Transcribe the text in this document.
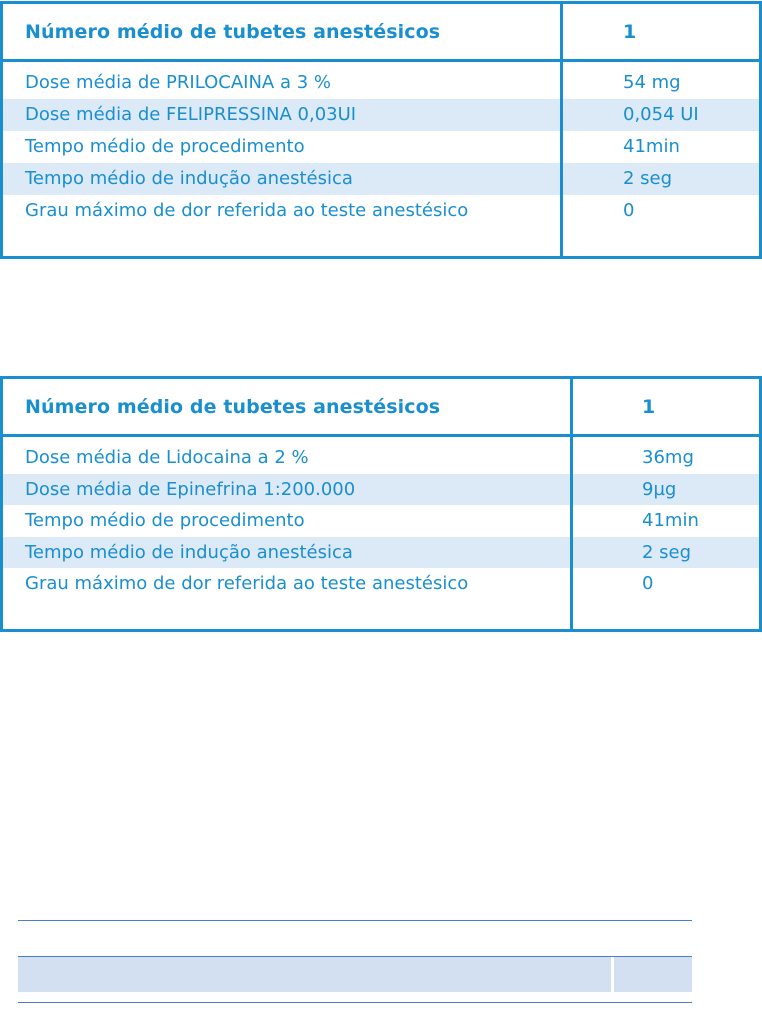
Número médio de tubetes anestésicos	1
Dose média de PRILOCAINA a 3 %	54 mg
Dose média de FELIPRESSINA 0,03UI	0,054 UI
Tempo médio de procedimento	41min
Tempo médio de indução anestésica	2 seg
Grau máximo de dor referida ao teste anestésico	0
Número médio de tubetes anestésicos	1
Dose média de Lidocaina a 2 %	36mg
Dose média de Epinefrina 1:200.000	9µg
Tempo médio de procedimento	41min
Tempo médio de indução anestésica	2 seg
Grau máximo de dor referida ao teste anestésico	0
